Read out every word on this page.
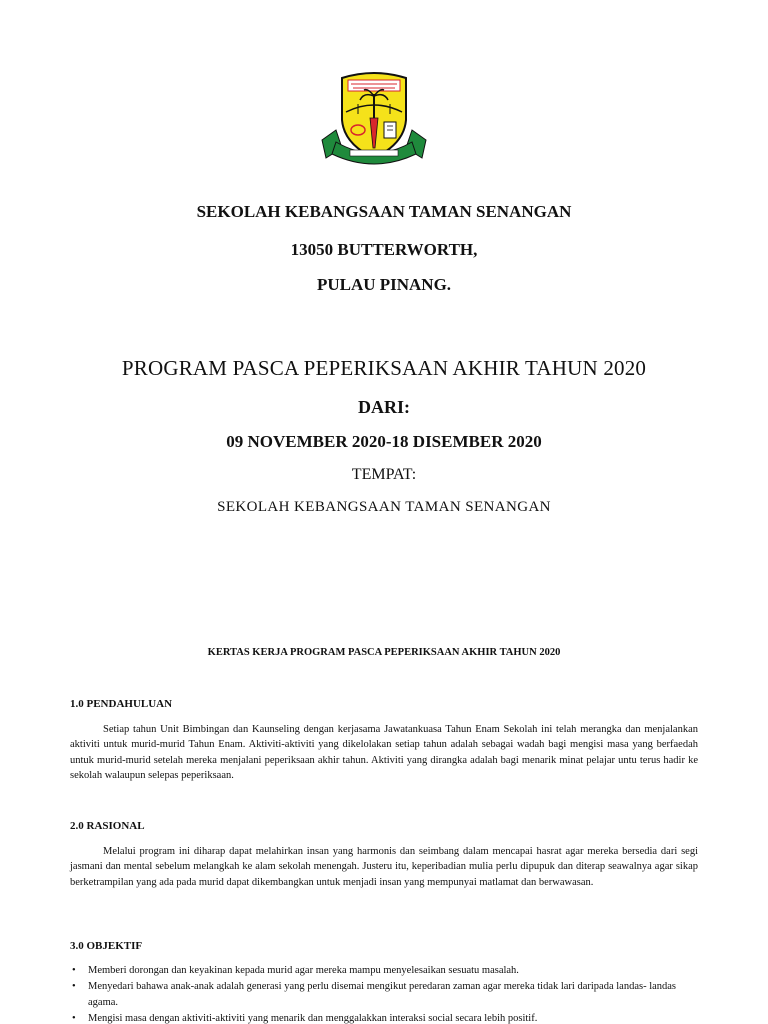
SEKOLAH KEBANGSAAN TAMAN SENANGAN
13050 BUTTERWORTH,
PULAU PINANG.
PROGRAM PASCA PEPERIKSAAN AKHIR TAHUN 2020
DARI:
09 NOVEMBER 2020-18 DISEMBER 2020
TEMPAT:
SEKOLAH KEBANGSAAN TAMAN SENANGAN
KERTAS KERJA PROGRAM PASCA PEPERIKSAAN AKHIR TAHUN 2020
1.0 PENDAHULUAN

Setiap tahun Unit Bimbingan dan Kaunseling dengan kerjasama Jawatankuasa Tahun Enam Sekolah ini telah merangka dan menjalankan aktiviti untuk murid-murid Tahun Enam. Aktiviti-aktiviti yang dikelolakan setiap tahun adalah sebagai wadah bagi mengisi masa yang berfaedah untuk murid-murid setelah mereka menjalani peperiksaan akhir tahun. Aktiviti yang dirangka adalah bagi menarik minat pelajar untu terus hadir ke sekolah walaupun selepas peperiksaan.

2.0 RASIONAL

Melalui program ini diharap dapat melahirkan insan yang harmonis dan seimbang dalam mencapai hasrat agar mereka bersedia dari segi jasmani dan mental sebelum melangkah ke alam sekolah menengah. Justeru itu, keperibadian mulia perlu dipupuk dan diterap seawalnya agar sikap berketrampilan yang ada pada murid dapat dikembangkan untuk menjadi insan yang mempunyai matlamat dan berwawasan.

3.0 OBJEKTIF
• Memberi dorongan dan keyakinan kepada murid agar mereka mampu menyelesaikan sesuatu masalah.
• Menyedari bahawa anak-anak adalah generasi yang perlu disemai mengikut peredaran zaman agar mereka tidak lari daripada landas- landas agama.
• Mengisi masa dengan aktiviti-aktiviti yang menarik dan menggalakkan interaksi social secara lebih positif.
